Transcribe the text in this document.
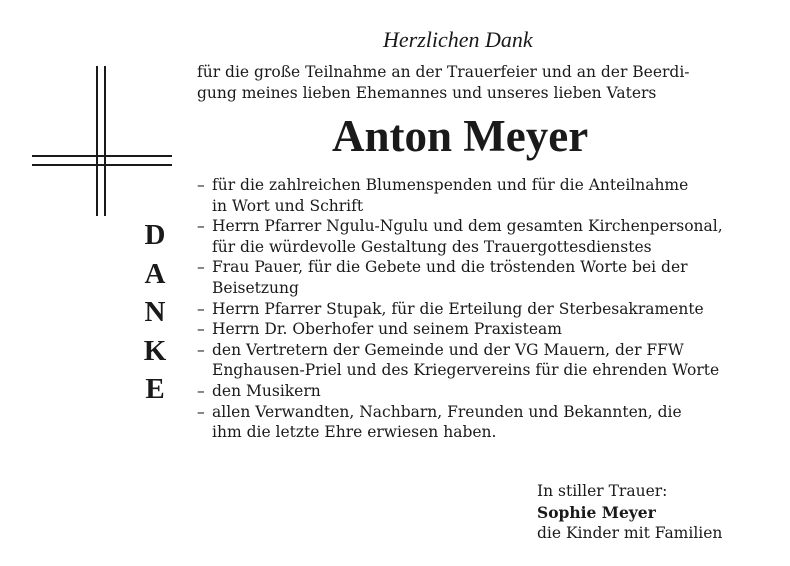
D
A
N
K
E
Herzlichen Dank
für die große Teilnahme an der Trauerfeier und an der Beerdi-
gung meines lieben Ehemannes und unseres lieben Vaters
Anton Meyer
– für die zahlreichen Blumenspenden und für die Anteilnahme
in Wort und Schrift
– Herrn Pfarrer Ngulu-Ngulu und dem gesamten Kirchenpersonal,
für die würdevolle Gestaltung des Trauergottesdienstes
– Frau Pauer, für die Gebete und die tröstenden Worte bei der
Beisetzung
– Herrn Pfarrer Stupak, für die Erteilung der Sterbesakramente
– Herrn Dr. Oberhofer und seinem Praxisteam
– den Vertretern der Gemeinde und der VG Mauern, der FFW
Enghausen-Priel und des Kriegervereins für die ehrenden Worte
– den Musikern
– allen Verwandten, Nachbarn, Freunden und Bekannten, die
ihm die letzte Ehre erwiesen haben.
In stiller Trauer:
Sophie Meyer
die Kinder mit Familien
